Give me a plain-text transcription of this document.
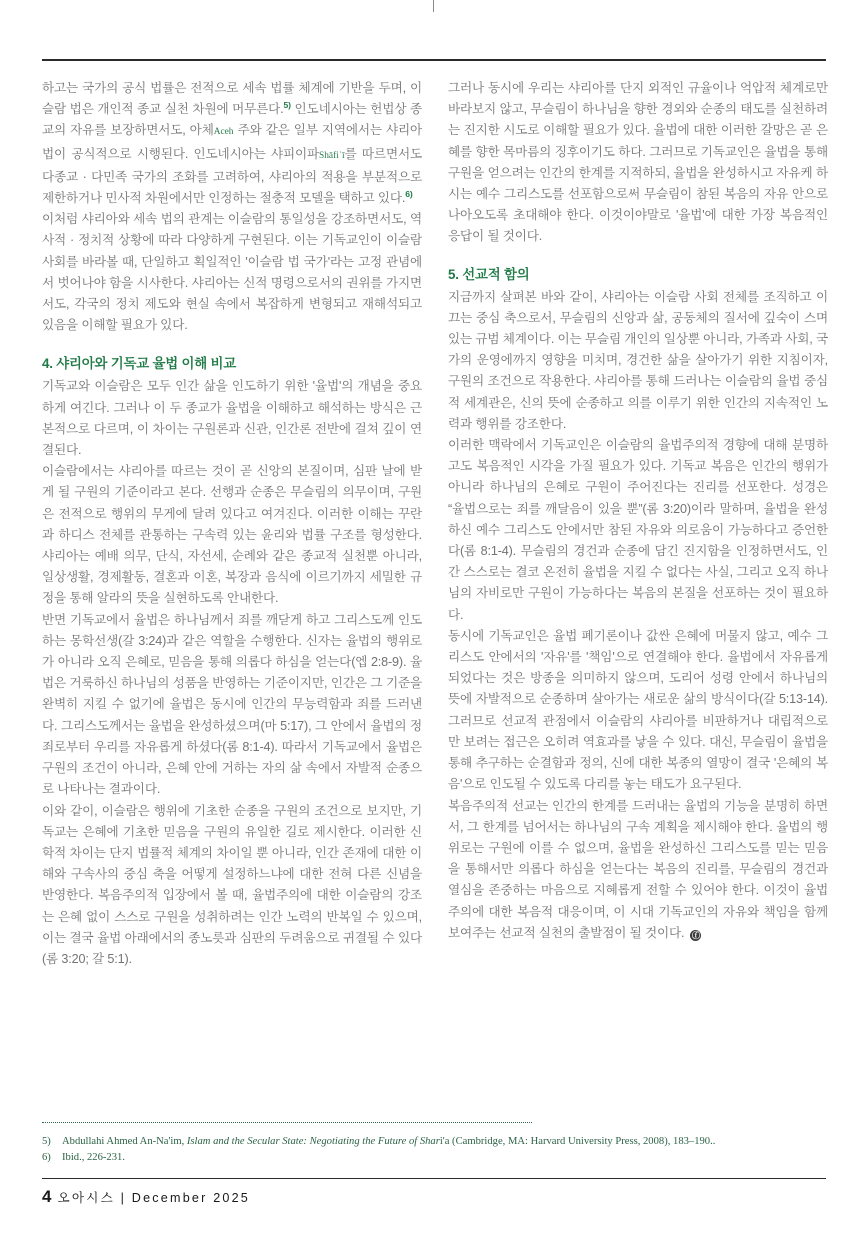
하고는 국가의 공식 법률은 전적으로 세속 법률 체계에 기반을 두며, 이슬람 법은 개인적 종교 실천 차원에 머무른다.$^{5)}$ 인도네시아는 헌법상 종교의 자유를 보장하면서도, 아체Aceh 주와 같은 일부 지역에서는 샤리아 법이 공식적으로 시행된다. 인도네시아는 샤피이파Shāfiʿī를 따르면서도 다종교 · 다민족 국가의 조화를 고려하여, 샤리아의 적용을 부분적으로 제한하거나 민사적 차원에서만 인정하는 절충적 모델을 택하고 있다.$^{6)}$

이처럼 샤리아와 세속 법의 관계는 이슬람의 통일성을 강조하면서도, 역사적 · 정치적 상황에 따라 다양하게 구현된다. 이는 기독교인이 이슬람 사회를 바라볼 때, 단일하고 획일적인 '이슬람 법 국가'라는 고정 관념에서 벗어나야 함을 시사한다. 샤리아는 신적 명령으로서의 권위를 가지면서도, 각국의 정치 제도와 현실 속에서 복잡하게 변형되고 재해석되고 있음을 이해할 필요가 있다.

4. 샤리아와 기독교 율법 이해 비교

기독교와 이슬람은 모두 인간 삶을 인도하기 위한 '율법'의 개념을 중요하게 여긴다. 그러나 이 두 종교가 율법을 이해하고 해석하는 방식은 근본적으로 다르며, 이 차이는 구원론과 신관, 인간론 전반에 걸쳐 깊이 연결된다.

이슬람에서는 샤리아를 따르는 것이 곧 신앙의 본질이며, 심판 날에 받게 될 구원의 기준이라고 본다. 선행과 순종은 무슬림의 의무이며, 구원은 전적으로 행위의 무게에 달려 있다고 여겨진다. 이러한 이해는 꾸란과 하디스 전체를 관통하는 구속력 있는 윤리와 법률 구조를 형성한다. 샤리아는 예배 의무, 단식, 자선세, 순례와 같은 종교적 실천뿐 아니라, 일상생활, 경제활동, 결혼과 이혼, 복장과 음식에 이르기까지 세밀한 규정을 통해 알라의 뜻을 실현하도록 안내한다.

반면 기독교에서 율법은 하나님께서 죄를 깨닫게 하고 그리스도께 인도하는 몽학선생(갈 3:24)과 같은 역할을 수행한다. 신자는 율법의 행위로가 아니라 오직 은혜로, 믿음을 통해 의롭다 하심을 얻는다(엡 2:8-9). 율법은 거룩하신 하나님의 성품을 반영하는 기준이지만, 인간은 그 기준을 완벽히 지킬 수 없기에 율법은 동시에 인간의 무능력함과 죄를 드러낸다. 그리스도께서는 율법을 완성하셨으며(마 5:17), 그 안에서 율법의 정죄로부터 우리를 자유롭게 하셨다(롬 8:1-4). 따라서 기독교에서 율법은 구원의 조건이 아니라, 은혜 안에 거하는 자의 삶 속에서 자발적 순종으로 나타나는 결과이다.

이와 같이, 이슬람은 행위에 기초한 순종을 구원의 조건으로 보지만, 기독교는 은혜에 기초한 믿음을 구원의 유일한 길로 제시한다. 이러한 신학적 차이는 단지 법률적 체계의 차이일 뿐 아니라, 인간 존재에 대한 이해와 구속사의 중심 축을 어떻게 설정하느냐에 대한 전혀 다른 신념을 반영한다. 복음주의적 입장에서 볼 때, 율법주의에 대한 이슬람의 강조는 은혜 없이 스스로 구원을 성취하려는 인간 노력의 반복일 수 있으며, 이는 결국 율법 아래에서의 종노릇과 심판의 두려움으로 귀결될 수 있다(롬 3:20; 갈 5:1).

그러나 동시에 우리는 샤리아를 단지 외적인 규율이나 억압적 체계로만 바라보지 않고, 무슬림이 하나님을 향한 경외와 순종의 태도를 실천하려는 진지한 시도로 이해할 필요가 있다. 율법에 대한 이러한 갈망은 곧 은혜를 향한 목마름의 징후이기도 하다. 그러므로 기독교인은 율법을 통해 구원을 얻으려는 인간의 한계를 지적하되, 율법을 완성하시고 자유케 하시는 예수 그리스도를 선포함으로써 무슬림이 참된 복음의 자유 안으로 나아오도록 초대해야 한다. 이것이야말로 '율법'에 대한 가장 복음적인 응답이 될 것이다.

5. 선교적 함의

지금까지 살펴본 바와 같이, 샤리아는 이슬람 사회 전체를 조직하고 이끄는 중심 축으로서, 무슬림의 신앙과 삶, 공동체의 질서에 깊숙이 스며 있는 규범 체계이다. 이는 무슬림 개인의 일상뿐 아니라, 가족과 사회, 국가의 운영에까지 영향을 미치며, 경건한 삶을 살아가기 위한 지침이자, 구원의 조건으로 작용한다. 샤리아를 통해 드러나는 이슬람의 율법 중심적 세계관은, 신의 뜻에 순종하고 의를 이루기 위한 인간의 지속적인 노력과 행위를 강조한다.

이러한 맥락에서 기독교인은 이슬람의 율법주의적 경향에 대해 분명하고도 복음적인 시각을 가질 필요가 있다. 기독교 복음은 인간의 행위가 아니라 하나님의 은혜로 구원이 주어진다는 진리를 선포한다. 성경은 “율법으로는 죄를 깨달음이 있을 뿐”(롬 3:20)이라 말하며, 율법을 완성하신 예수 그리스도 안에서만 참된 자유와 의로움이 가능하다고 증언한다(롬 8:1-4). 무슬림의 경건과 순종에 담긴 진지함을 인정하면서도, 인간 스스로는 결코 온전히 율법을 지킬 수 없다는 사실, 그리고 오직 하나님의 자비로만 구원이 가능하다는 복음의 본질을 선포하는 것이 필요하다.

동시에 기독교인은 율법 폐기론이나 값싼 은혜에 머물지 않고, 예수 그리스도 안에서의 '자유'를 '책임'으로 연결해야 한다. 율법에서 자유롭게 되었다는 것은 방종을 의미하지 않으며, 도리어 성령 안에서 하나님의 뜻에 자발적으로 순종하며 살아가는 새로운 삶의 방식이다(갈 5:13-14). 그러므로 선교적 관점에서 이슬람의 샤리아를 비판하거나 대립적으로만 보려는 접근은 오히려 역효과를 낳을 수 있다. 대신, 무슬림이 율법을 통해 추구하는 순결함과 정의, 신에 대한 복종의 열망이 결국 '은혜의 복음'으로 인도될 수 있도록 다리를 놓는 태도가 요구된다.

복음주의적 선교는 인간의 한계를 드러내는 율법의 기능을 분명히 하면서, 그 한계를 넘어서는 하나님의 구속 계획을 제시해야 한다. 율법의 행위로는 구원에 이를 수 없으며, 율법을 완성하신 그리스도를 믿는 믿음을 통해서만 의롭다 하심을 얻는다는 복음의 진리를, 무슬림의 경건과 열심을 존중하는 마음으로 지혜롭게 전할 수 있어야 한다. 이것이 율법주의에 대한 복음적 대응이며, 이 시대 기독교인의 자유와 책임을 함께 보여주는 선교적 실천의 출발점이 될 것이다. ⓕ

5)	Abdullahi Ahmed An-Na'im, Islam and the Secular State: Negotiating the Future of Shari'a (Cambridge, MA: Harvard University Press, 2008), 183–190..
6)	Ibid., 226-231.
4 오아시스 | December 2025
